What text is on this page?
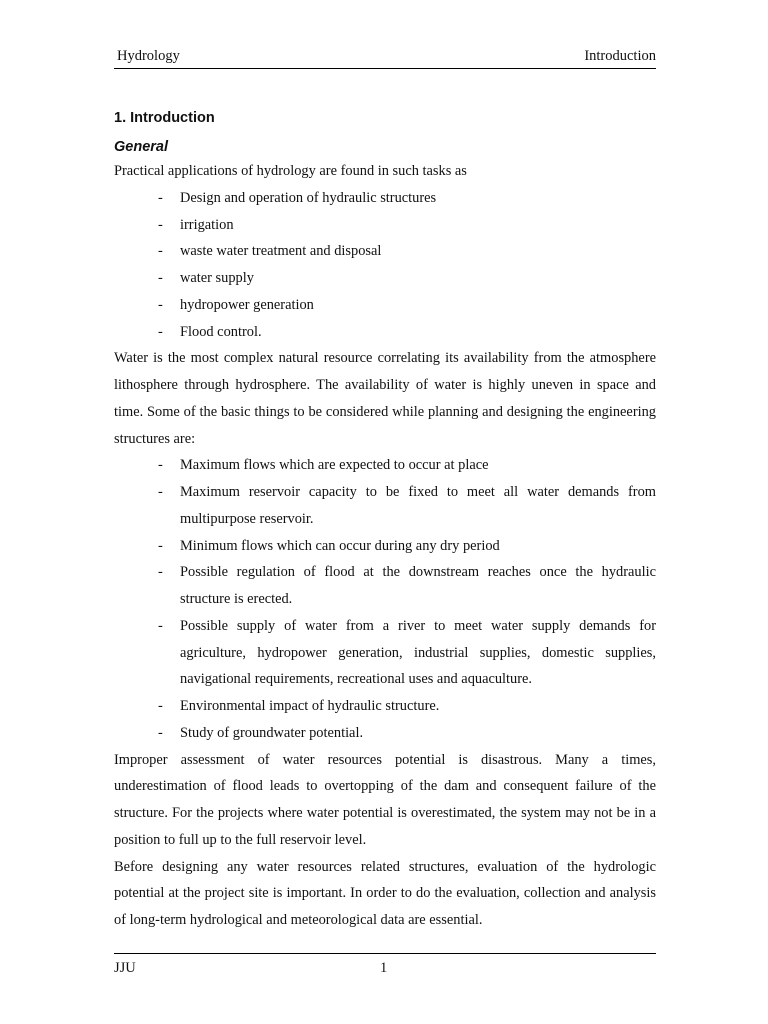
Hydrology	Introduction
1. Introduction
General

Practical applications of hydrology are found in such tasks as

- Design and operation of hydraulic structures
- irrigation
- waste water treatment and disposal
- water supply
- hydropower generation
- Flood control.

Water is the most complex natural resource correlating its availability from the atmosphere lithosphere through hydrosphere. The availability of water is highly uneven in space and time. Some of the basic things to be considered while planning and designing the engineering structures are:

- Maximum flows which are expected to occur at place
- Maximum reservoir capacity to be fixed to meet all water demands from multipurpose reservoir.
- Minimum flows which can occur during any dry period
- Possible regulation of flood at the downstream reaches once the hydraulic structure is erected.
- Possible supply of water from a river to meet water supply demands for agriculture, hydropower generation, industrial supplies, domestic supplies, navigational requirements, recreational uses and aquaculture.
- Environmental impact of hydraulic structure.
- Study of groundwater potential.

Improper assessment of water resources potential is disastrous. Many a times, underestimation of flood leads to overtopping of the dam and consequent failure of the structure. For the projects where water potential is overestimated, the system may not be in a position to full up to the full reservoir level.

Before designing any water resources related structures, evaluation of the hydrologic potential at the project site is important. In order to do the evaluation, collection and analysis of long-term hydrological and meteorological data are essential.

JJU	1
